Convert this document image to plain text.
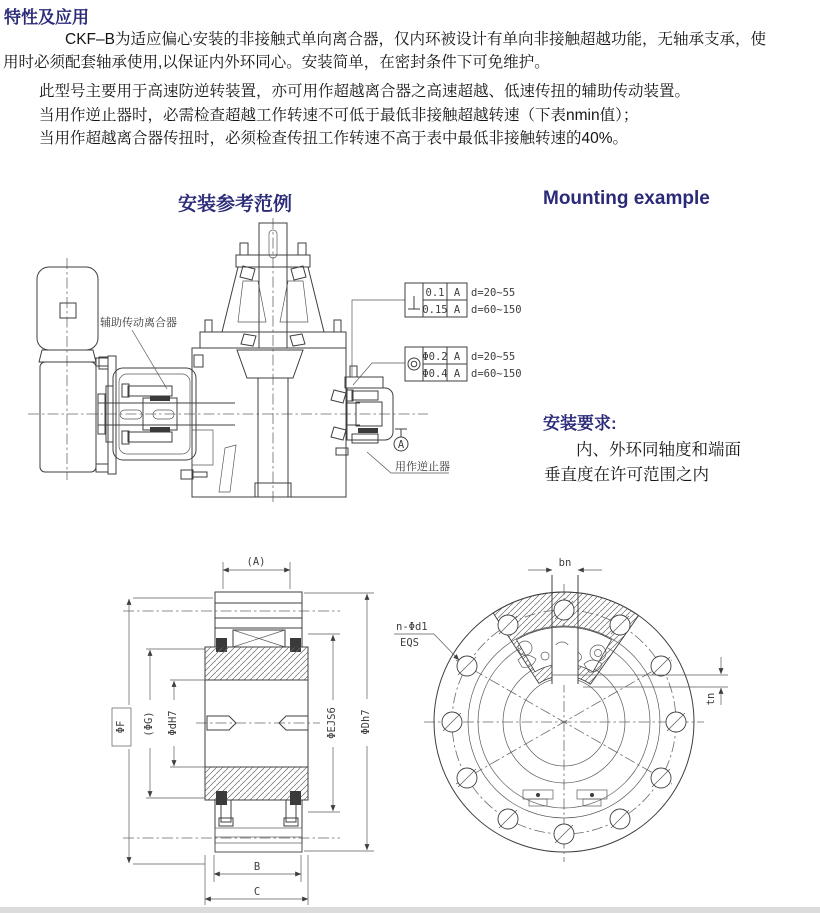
特性及应用
CKF–B为适应偏心安装的非接触式单向离合器，仅内环被设计有单向非接触超越功能，无轴承支承，使
用时必须配套轴承使用,以保证内外环同心。安装简单，在密封条件下可免维护。
此型号主要用于高速防逆转装置，亦可用作超越离合器之高速超越、低速传扭的辅助传动装置。
当用作逆止器时，必需检查超越工作转速不可低于最低非接触超越转速（下表nmin值）；
当用作超越离合器传扭时，必须检查传扭工作转速不高于表中最低非接触转速的40%。
安装参考范例	Mounting example
A
辅助传动离合器
用作逆止器
0.1 A d=20~55
0.15 A d=60~150
Φ0.2 A d=20~55
Φ0.4 A d=60~150
安装要求:
内、外环同轴度和端面
垂直度在许可范围之内
(A)
ΦF (ΦG) ΦdH7	ΦEJS6 ΦDh7
B
C
bn
tn
n-Φd1
EQS
